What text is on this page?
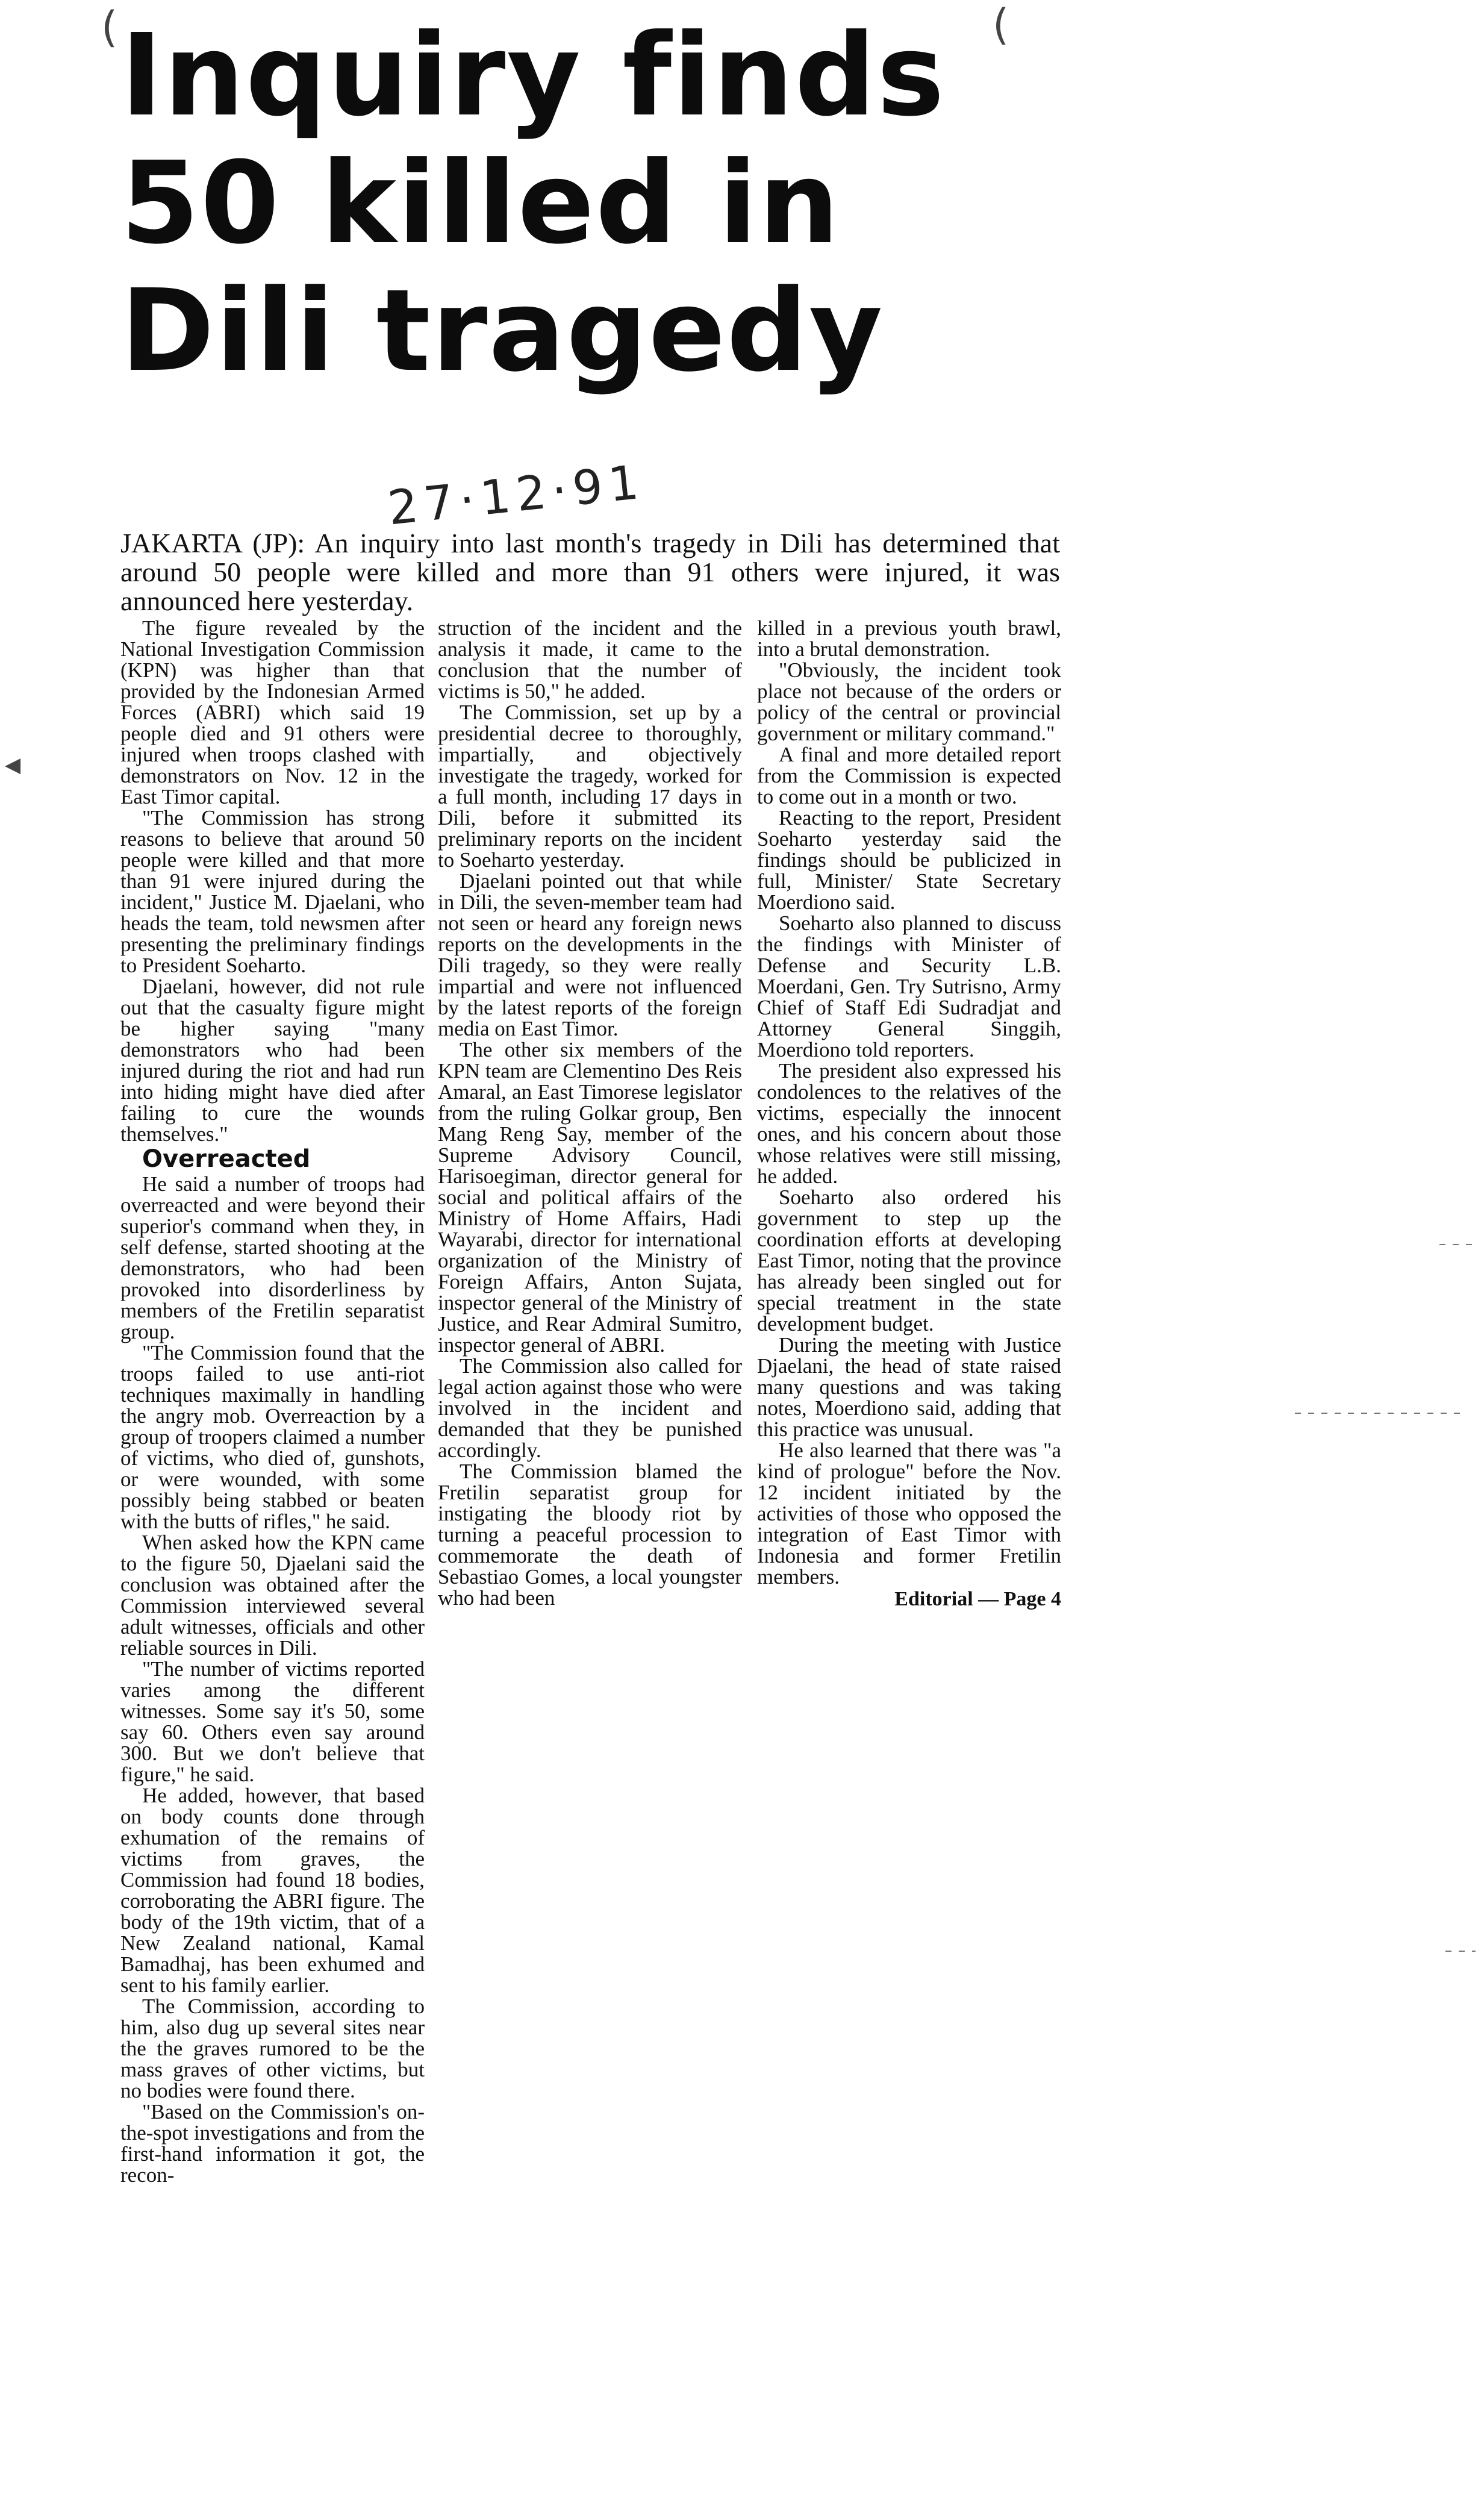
(	(
◀
Inquiry finds
50 killed in
Dili tragedy
27·12·91

JAKARTA (JP): An inquiry into last month's tragedy in Dili has determined that around 50 people were killed and more than 91 others were injured, it was announced here yesterday.

The figure revealed by the National Investigation Commission (KPN) was higher than that provided by the Indonesian Armed Forces (ABRI) which said 19 people died and 91 others were injured when troops clashed with demonstrators on Nov. 12 in the East Timor capital.

"The Commission has strong reasons to believe that around 50 people were killed and that more than 91 were injured during the incident," Justice M. Djaelani, who heads the team, told newsmen after presenting the preliminary findings to President Soeharto.

Djaelani, however, did not rule out that the casualty figure might be higher saying "many demonstrators who had been injured during the riot and had run into hiding might have died after failing to cure the wounds themselves."

Overreacted

He said a number of troops had overreacted and were beyond their superior's command when they, in self defense, started shooting at the demonstrators, who had been provoked into disorderliness by members of the Fretilin separatist group.

"The Commission found that the troops failed to use anti-riot techniques maximally in handling the angry mob. Overreaction by a group of troopers claimed a number of victims, who died of, gunshots, or were wounded, with some possibly being stabbed or beaten with the butts of rifles," he said.

When asked how the KPN came to the figure 50, Djaelani said the conclusion was obtained after the Commission interviewed several adult witnesses, officials and other reliable sources in Dili.

"The number of victims reported varies among the different witnesses. Some say it's 50, some say 60. Others even say around 300. But we don't believe that figure," he said.

He added, however, that based on body counts done through exhumation of the remains of victims from graves, the Commission had found 18 bodies, corroborating the ABRI figure. The body of the 19th victim, that of a New Zealand national, Kamal Bamadhaj, has been exhumed and sent to his family earlier.

The Commission, according to him, also dug up several sites near the the graves rumored to be the mass graves of other victims, but no bodies were found there.

"Based on the Commission's on-the-spot investigations and from the first-hand information it got, the recon-

struction of the incident and the analysis it made, it came to the conclusion that the number of victims is 50," he added.

The Commission, set up by a presidential decree to thoroughly, impartially, and objectively investigate the tragedy, worked for a full month, including 17 days in Dili, before it submitted its preliminary reports on the incident to Soeharto yesterday.

Djaelani pointed out that while in Dili, the seven-member team had not seen or heard any foreign news reports on the developments in the Dili tragedy, so they were really impartial and were not influenced by the latest reports of the foreign media on East Timor.

The other six members of the KPN team are Clementino Des Reis Amaral, an East Timorese legislator from the ruling Golkar group, Ben Mang Reng Say, member of the Supreme Advisory Council, Harisoegiman, director general for social and political affairs of the Ministry of Home Affairs, Hadi Wayarabi, director for international organization of the Ministry of Foreign Affairs, Anton Sujata, inspector general of the Ministry of Justice, and Rear Admiral Sumitro, inspector general of ABRI.

The Commission also called for legal action against those who were involved in the incident and demanded that they be punished accordingly.

The Commission blamed the Fretilin separatist group for instigating the bloody riot by turning a peaceful procession to commemorate the death of Sebastiao Gomes, a local youngster who had been

killed in a previous youth brawl, into a brutal demonstration.

"Obviously, the incident took place not because of the orders or policy of the central or provincial government or military command."

A final and more detailed report from the Commission is expected to come out in a month or two.

Reacting to the report, President Soeharto yesterday said the findings should be publicized in full, Minister/ State Secretary Moerdiono said.

Soeharto also planned to discuss the findings with Minister of Defense and Security L.B. Moerdani, Gen. Try Sutrisno, Army Chief of Staff Edi Sudradjat and Attorney General Singgih, Moerdiono told reporters.

The president also expressed his condolences to the relatives of the victims, especially the innocent ones, and his concern about those whose relatives were still missing, he added.

Soeharto also ordered his government to step up the coordination efforts at developing East Timor, noting that the province has already been singled out for special treatment in the state development budget.

During the meeting with Justice Djaelani, the head of state raised many questions and was taking notes, Moerdiono said, adding that this practice was unusual.

He also learned that there was "a kind of prologue" before the Nov. 12 incident initiated by the activities of those who opposed the integration of East Timor with Indonesia and former Fretilin members.

Editorial — Page 4
